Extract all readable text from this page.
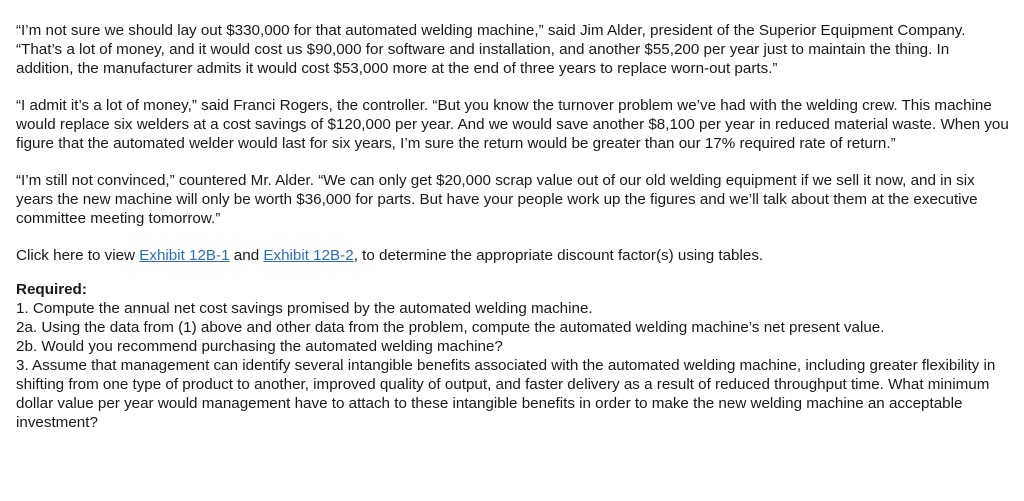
“I’m not sure we should lay out $330,000 for that automated welding machine,” said Jim Alder, president of the Superior Equipment Company. “That’s a lot of money, and it would cost us $90,000 for software and installation, and another $55,200 per year just to maintain the thing. In addition, the manufacturer admits it would cost $53,000 more at the end of three years to replace worn-out parts.”

“I admit it’s a lot of money,” said Franci Rogers, the controller. “But you know the turnover problem we’ve had with the welding crew. This machine would replace six welders at a cost savings of $120,000 per year. And we would save another $8,100 per year in reduced material waste. When you figure that the automated welder would last for six years, I’m sure the return would be greater than our 17% required rate of return.”

“I’m still not convinced,” countered Mr. Alder. “We can only get $20,000 scrap value out of our old welding equipment if we sell it now, and in six years the new machine will only be worth $36,000 for parts. But have your people work up the figures and we’ll talk about them at the executive committee meeting tomorrow.”

Click here to view Exhibit 12B-1 and Exhibit 12B-2, to determine the appropriate discount factor(s) using tables.

Required:

1. Compute the annual net cost savings promised by the automated welding machine.

2a. Using the data from (1) above and other data from the problem, compute the automated welding machine’s net present value.

2b. Would you recommend purchasing the automated welding machine?

3. Assume that management can identify several intangible benefits associated with the automated welding machine, including greater flexibility in shifting from one type of product to another, improved quality of output, and faster delivery as a result of reduced throughput time. What minimum dollar value per year would management have to attach to these intangible benefits in order to make the new welding machine an acceptable investment?
